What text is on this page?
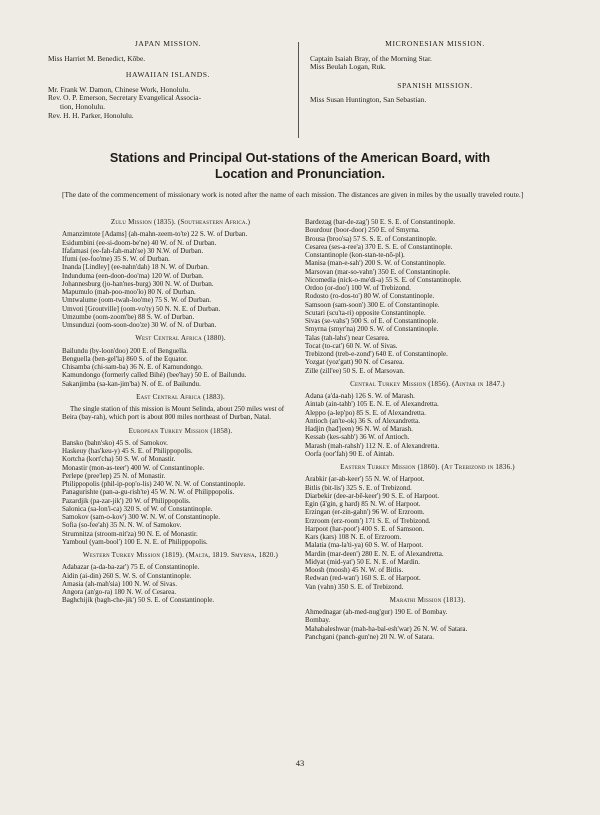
JAPAN MISSION.
Miss Harriet M. Benedict, Kōbe.
HAWAIIAN ISLANDS.
Mr. Frank W. Damon, Chinese Work, Honolulu.
Rev. O. P. Emerson, Secretary Evangelical Associa-
tion, Honolulu.
Rev. H. H. Parker, Honolulu.
MICRONESIAN MISSION.
Captain Isaiah Bray, of the Morning Star.
Miss Beulah Logan, Ruk.
SPANISH MISSION.
Miss Susan Huntington, San Sebastian.
Stations and Principal Out-stations of the American Board, with
Location and Pronunciation.
[The date of the commencement of missionary work is noted after the name of each mission. The distances are given in miles by the usually traveled route.]
Zulu Mission (1835). (Southeastern Africa.)
Amanzimtote [Adams] (ah-mahn-zeem-to'te) 22 S. W. of Durban.
Esidumbini (ee-si-doom-be'ne) 40 W. of N. of Durban.
Ifafamasi (ee-fah-fah-mah'se) 30 N.W. of Durban.
Ifumi (ee-foo'me) 35 S. W. of Durban.
Inanda [Lindley] (ee-nahn'dah) 18 N. W. of Durban.
Indunduma (een-doon-doo'ma) 120 W. of Durban.
Johannesburg (jo-han'nes-burg) 300 N. W. of Durban.
Mapumulo (mah-poo-moo'lo) 80 N. of Durban.
Umtwalume (oom-twah-loo'me) 75 S. W. of Durban.
Umvoti [Groutville] (oom-vo'ty) 50 N. N. E. of Durban.
Umzumbe (oom-zoom'be) 88 S. W. of Durban.
Umsunduzi (oom-soon-doo'ze) 30 W. of N. of Durban.
West Central Africa (1880).
Bailundu (by-loon'doo) 200 E. of Benguella.
Benguella (ben-gel'la) 860 S. of the Equator.
Chisamba (chi-sam-ba) 36 N. E. of Kamundongo.
Kamundongo (formerly called Bihé) (bee'hay) 50 E. of Bailundu.
Sakanjimba (sa-kan-jim'ba) N. of E. of Bailundu.
East Central Africa (1883).
The single station of this mission is Mount Selinda, about 250 miles west of Beira (bay-rah), which port is about 800 miles northeast of Durban, Natal.
European Turkey Mission (1858).
Bansko (bahn'sko) 45 S. of Samokov.
Haskeuy (has'keu-y) 45 S. E. of Philippopolis.
Kortcha (kort'cha) 50 S. W. of Monastir.
Monastir (mon-as-teer') 400 W. of Constantinople.
Perlepe (pree'lep) 25 N. of Monastir.
Philippopolis (phil-ip-pop'o-lis) 240 W. N. W. of Constantinople.
Panagurishte (pan-a-gu-rish'te) 45 W. N. W. of Philippopolis.
Pazardjik (pa-zar-jik') 20 W. of Philippopolis.
Salonica (sa-lon'i-ca) 320 S. of W. of Constantinople.
Samokov (sam-o-kov') 300 W. N. W. of Constantinople.
Sofia (so-fee'ah) 35 N. N. W. of Samokov.
Strumnitza (stroom-nit'za) 90 N. E. of Monastir.
Yamboul (yam-bool') 100 E. N. E. of Philippopolis.
Western Turkey Mission (1819). (Malta, 1819. Smyrna, 1820.)
Adabazar (a-da-ba-zar') 75 E. of Constantinople.
Aidin (ai-din) 260 S. W. S. of Constantinople.
Amasia (ah-mah'sia) 100 N. W. of Sivas.
Angora (an'go-ra) 180 N. W. of Cesarea.
Baghchijik (bagh-che-jik') 50 S. E. of Constantinople.
Bardezag (bar-de-zag') 50 E. S. E. of Constantinople.
Bourdour (boor-door) 250 E. of Smyrna.
Brousa (broo'sa) 57 S. S. E. of Constantinople.
Cesarea (ses-a-ree'a) 370 E. S. E. of Constantinople.
Constantinople (kon-stan-te-nō-pl).
Manisa (man-e-sah') 200 S. W. of Constantinople.
Marsovan (mar-so-vahn') 350 E. of Constantinople.
Nicomedia (nick-o-me'di-a) 55 S. E. of Constantinople.
Ordoo (or-doo') 100 W. of Trebizond.
Rodosto (ro-dos-to') 80 W. of Constantinople.
Samsoon (sam-soon') 300 E. of Constantinople.
Scutari (scu'ta-ri) opposite Constantinople.
Sivas (se-vahs') 500 S. of E. of Constantinople.
Smyrna (smyr'na) 200 S. W. of Constantinople.
Talas (tah-lahs') near Cesarea.
Tocat (to-cat') 60 N. W. of Sivas.
Trebizond (treb-e-zond') 640 E. of Constantinople.
Yozgat (yoz'gatt) 90 N. of Cesarea.
Zille (zill'ee) 50 S. E. of Marsovan.
Central Turkey Mission (1856). (Aintab in 1847.)
Adana (a'da-nah) 126 S. W. of Marash.
Aintab (ain-tahb') 105 E. N. E. of Alexandretta.
Aleppo (a-lep'po) 85 S. E. of Alexandretta.
Antioch (an'te-ok) 36 S. of Alexandretta.
Hadjin (had'jeen) 96 N. W. of Marash.
Kessab (kes-sahb') 36 W. of Antioch.
Marash (mah-rahsh') 112 N. E. of Alexandretta.
Oorfa (oor'fah) 90 E. of Aintab.
Eastern Turkey Mission (1860). (At Trebizond in 1836.)
Arabkir (ar-ab-keer') 55 N. W. of Harpoot.
Bitlis (bit-lis') 325 S. E. of Trebizond.
Diarbekir (dee-ar-bē-keer') 90 S. E. of Harpoot.
Egin (ā'gin, g hard) 85 N. W. of Harpoot.
Erzingan (er-zin-gahn') 96 W. of Erzroom.
Erzroom (erz-room') 171 S. E. of Trebizond.
Harpoot (har-poot') 400 S. E. of Samsoon.
Kars (kars) 108 N. E. of Erzroom.
Malatia (ma-la'ti-ya) 60 S. W. of Harpoot.
Mardin (mar-deen') 280 E. N. E. of Alexandretta.
Midyat (mid-yat') 50 E. N. E. of Mardin.
Moosh (moosh) 45 N. W. of Bitlis.
Redwan (red-wan') 160 S. E. of Harpoot.
Van (vahn) 350 S. E. of Trebizond.
Marathi Mission (1813).
Ahmednagar (ah-med-nug'gur) 190 E. of Bombay.
Bombay.
Mahabaleshwar (mah-ha-bal-esh'war) 26 N. W. of Satara.
Panchgani (panch-gun'ne) 20 N. W. of Satara.
43
